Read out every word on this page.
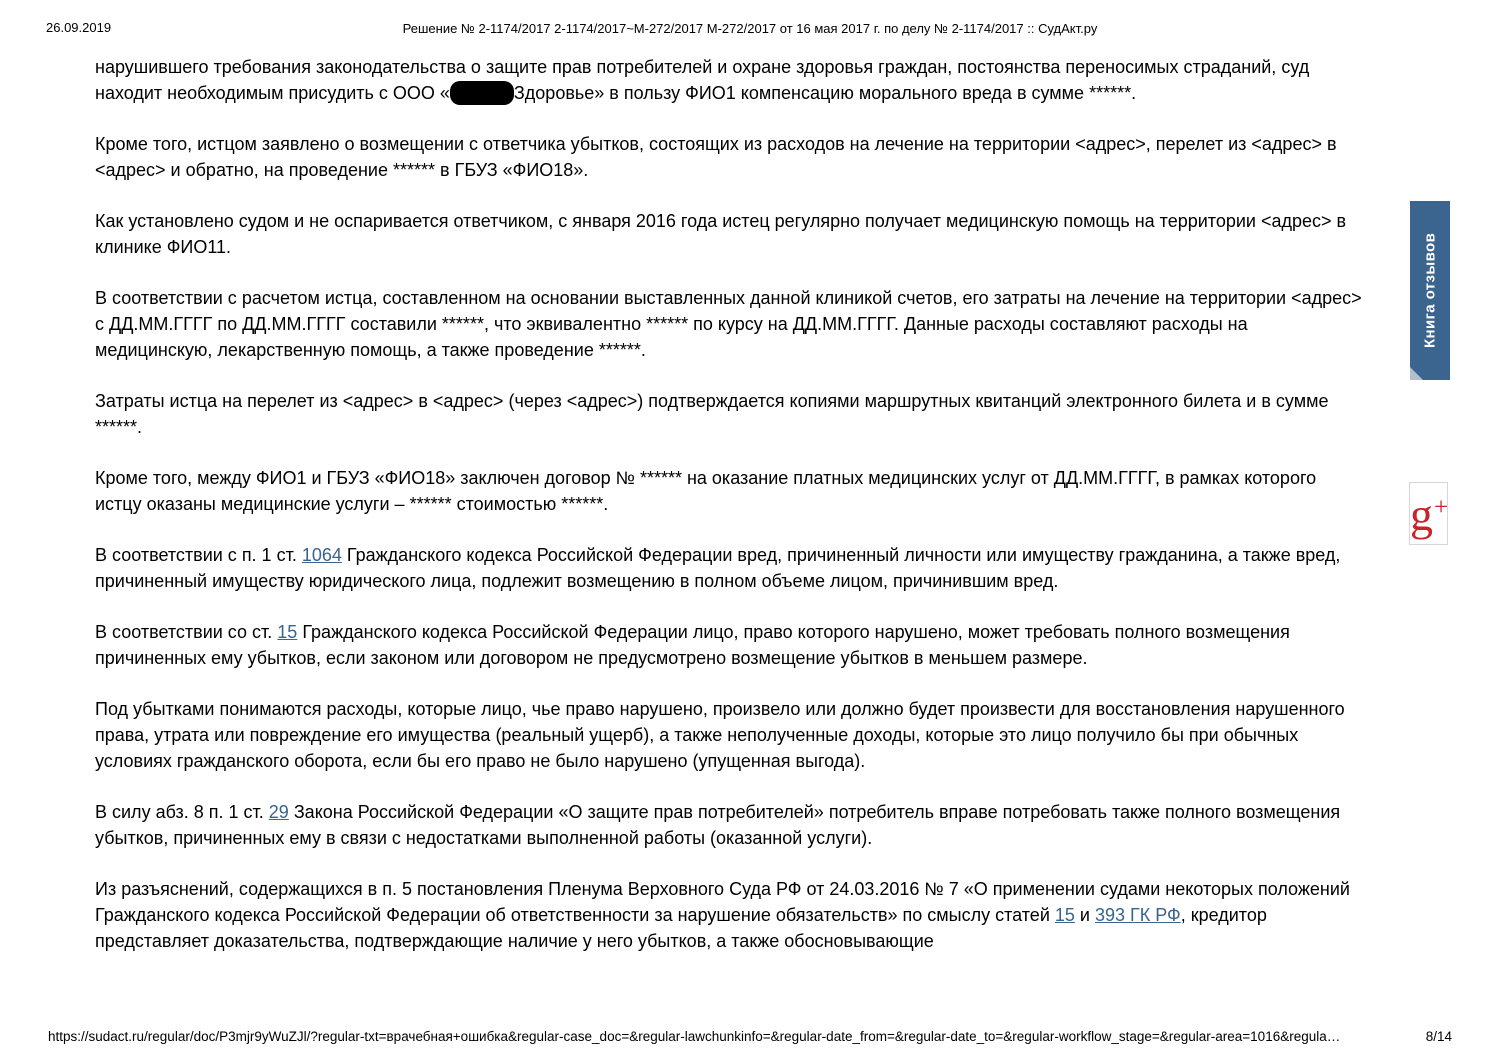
26.09.2019	Решение № 2-1174/2017 2-1174/2017~М-272/2017 М-272/2017 от 16 мая 2017 г. по делу № 2-1174/2017 :: СудАкт.ру

нарушившего требования законодательства о защите прав потребителей и охране здоровья граждан, постоянства переносимых страданий, суд находит необходимым присудить с ООО «	Здоровье» в пользу ФИО1 компенсацию морального вреда в сумме ******.

Кроме того, истцом заявлено о возмещении с ответчика убытков, состоящих из расходов на лечение на территории <адрес>, перелет из <адрес> в <адрес> и обратно, на проведение ****** в ГБУЗ «ФИО18».

Как установлено судом и не оспаривается ответчиком, с января 2016 года истец регулярно получает медицинскую помощь на территории <адрес> в клинике ФИО11.

В соответствии с расчетом истца, составленном на основании выставленных данной клиникой счетов, его затраты на лечение на территории <адрес> с ДД.ММ.ГГГГ по ДД.ММ.ГГГГ составили ******, что эквивалентно ****** по курсу на ДД.ММ.ГГГГ. Данные расходы составляют расходы на медицинскую, лекарственную помощь, а также проведение ******.

Затраты истца на перелет из <адрес> в <адрес> (через <адрес>) подтверждается копиями маршрутных квитанций электронного билета и в сумме ******.

Кроме того, между ФИО1 и ГБУЗ «ФИО18» заключен договор № ****** на оказание платных медицинских услуг от ДД.ММ.ГГГГ, в рамках которого истцу оказаны медицинские услуги – ****** стоимостью ******.

В соответствии с п. 1 ст. 1064 Гражданского кодекса Российской Федерации вред, причиненный личности или имуществу гражданина, а также вред, причиненный имуществу юридического лица, подлежит возмещению в полном объеме лицом, причинившим вред.

В соответствии со ст. 15 Гражданского кодекса Российской Федерации лицо, право которого нарушено, может требовать полного возмещения причиненных ему убытков, если законом или договором не предусмотрено возмещение убытков в меньшем размере.

Под убытками понимаются расходы, которые лицо, чье право нарушено, произвело или должно будет произвести для восстановления нарушенного права, утрата или повреждение его имущества (реальный ущерб), а также неполученные доходы, которые это лицо получило бы при обычных условиях гражданского оборота, если бы его право не было нарушено (упущенная выгода).

В силу абз. 8 п. 1 ст. 29 Закона Российской Федерации «О защите прав потребителей» потребитель вправе потребовать также полного возмещения убытков, причиненных ему в связи с недостатками выполненной работы (оказанной услуги).

Из разъяснений, содержащихся в п. 5 постановления Пленума Верховного Суда РФ от 24.03.2016 № 7 «О применении судами некоторых положений Гражданского кодекса Российской Федерации об ответственности за нарушение обязательств» по смыслу статей 15 и 393 ГК РФ, кредитор представляет доказательства, подтверждающие наличие у него убытков, а также обосновывающие

Книга отзывов
g+
https://sudact.ru/regular/doc/P3mjr9yWuZJl/?regular-txt=врачебная+ошибка&regular-case_doc=&regular-lawchunkinfo=&regular-date_from=&regular-date_to=&regular-workflow_stage=&regular-area=1016&regula…	8/14
